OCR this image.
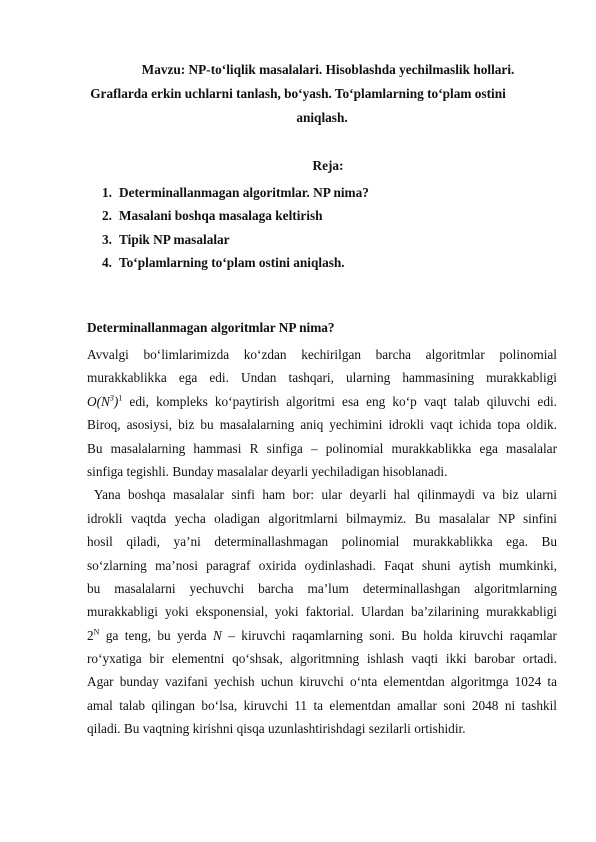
Mavzu: NP-to‘liqlik masalalari. Hisoblashda yechilmaslik hollari.
Graflarda erkin uchlarni tanlash, bo‘yash. To‘plamlarning to‘plam ostini
aniqlash.
Reja:
1. Determinallanmagan algoritmlar. NP nima?
2. Masalani boshqa masalaga keltirish
3. Tipik NP masalalar
4. To‘plamlarning to‘plam ostini aniqlash.
Determinallanmagan algoritmlar NP nima?
Avvalgi bo‘limlarimizda ko‘zdan kechirilgan barcha algoritmlar polinomial
murakkablikka ega edi. Undan tashqari, ularning hammasining murakkabligi
$O(N^3)^1$ edi, kompleks ko‘paytirish algoritmi esa eng ko‘p vaqt talab qiluvchi edi.
Biroq, asosiysi, biz bu masalalarning aniq yechimini idrokli vaqt ichida topa oldik.
Bu masalalarning hammasi R sinfiga – polinomial murakkablikka ega masalalar
sinfiga tegishli. Bunday masalalar deyarli yechiladigan hisoblanadi.
Yana boshqa masalalar sinfi ham bor: ular deyarli hal qilinmaydi va biz ularni
idrokli vaqtda yecha oladigan algoritmlarni bilmaymiz. Bu masalalar NP sinfini
hosil qiladi, ya’ni determinallashmagan polinomial murakkablikka ega. Bu
so‘zlarning ma’nosi paragraf oxirida oydinlashadi. Faqat shuni aytish mumkinki,
bu masalalarni yechuvchi barcha ma’lum determinallashgan algoritmlarning
murakkabligi yoki eksponensial, yoki faktorial. Ulardan ba’zilarining murakkabligi
$2^N$ ga teng, bu yerda N – kiruvchi raqamlarning soni. Bu holda kiruvchi raqamlar
ro‘yxatiga bir elementni qo‘shsak, algoritmning ishlash vaqti ikki barobar ortadi.
Agar bunday vazifani yechish uchun kiruvchi o‘nta elementdan algoritmga 1024 ta
amal talab qilingan bo‘lsa, kiruvchi 11 ta elementdan amallar soni 2048 ni tashkil
qiladi. Bu vaqtning kirishni qisqa uzunlashtirishdagi sezilarli ortishidir.
